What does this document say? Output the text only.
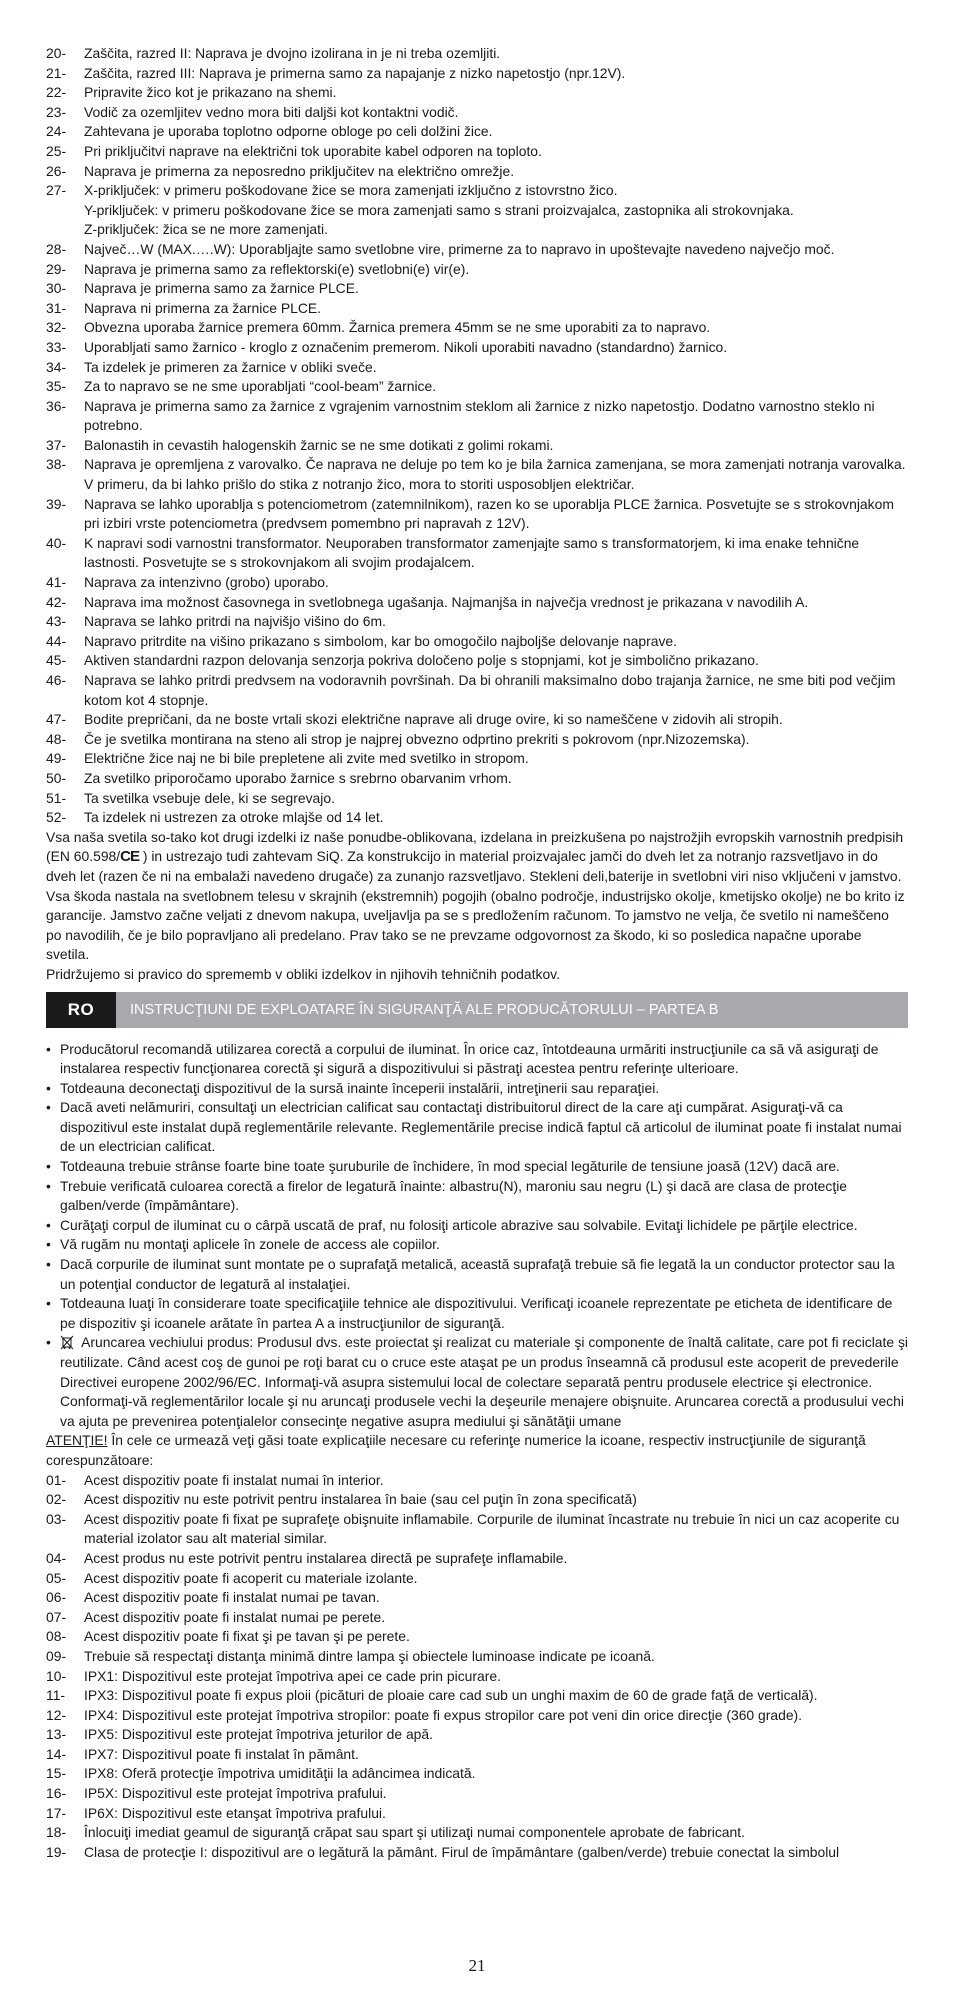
20-	Zaščita, razred II: Naprava je dvojno izolirana in je ni treba ozemljiti.
21-	Zaščita, razred III: Naprava je primerna samo za napajanje z nizko napetostjo (npr.12V).
22-	Pripravite žico kot je prikazano na shemi.
23-	Vodič za ozemljitev vedno mora biti daljši kot kontaktni vodič.
24-	Zahtevana je uporaba toplotno odporne obloge po celi dolžini žice.
25-	Pri priključitvi naprave na električni tok uporabite kabel odporen na toploto.
26-	Naprava je primerna za neposredno priključitev na električno omrežje.
27-	X-priključek: v primeru poškodovane žice se mora zamenjati izključno z istovrstno žico.
Y-priključek: v primeru poškodovane žice se mora zamenjati samo s strani proizvajalca, zastopnika ali strokovnjaka.
Z-priključek: žica se ne more zamenjati.
28-	Največ…W (MAX.….W): Uporabljajte samo svetlobne vire, primerne za to napravo in upoštevajte navedeno največjo moč.
29-	Naprava je primerna samo za reflektorski(e) svetlobni(e) vir(e).
30-	Naprava je primerna samo za žarnice PLCE.
31-	Naprava ni primerna za žarnice PLCE.
32-	Obvezna uporaba žarnice premera 60mm. Žarnica premera 45mm se ne sme uporabiti za to napravo.
33-	Uporabljati samo žarnico - kroglo z označenim premerom. Nikoli uporabiti navadno (standardno) žarnico.
34-	Ta izdelek je primeren za žarnice v obliki sveče.
35-	Za to napravo se ne sme uporabljati “cool-beam” žarnice.
36-	Naprava je primerna samo za žarnice z vgrajenim varnostnim steklom ali žarnice z nizko napetostjo. Dodatno varnostno steklo ni potrebno.
37-	Balonastih in cevastih halogenskih žarnic se ne sme dotikati z golimi rokami.
38-	Naprava je opremljena z varovalko. Če naprava ne deluje po tem ko je bila žarnica zamenjana, se mora zamenjati notranja varovalka. V primeru, da bi lahko prišlo do stika z notranjo žico, mora to storiti usposobljen električar.
39-	Naprava se lahko uporablja s potenciometrom (zatemnilnikom), razen ko se uporablja PLCE žarnica. Posvetujte se s strokovnjakom pri izbiri vrste potenciometra (predvsem pomembno pri napravah z 12V).
40-	K napravi sodi varnostni transformator. Neuporaben transformator zamenjajte samo s transformatorjem, ki ima enake tehnične lastnosti. Posvetujte se s strokovnjakom ali svojim prodajalcem.
41-	Naprava za intenzivno (grobo) uporabo.
42-	Naprava ima možnost časovnega in svetlobnega ugašanja. Najmanjša in največja vrednost je prikazana v navodilih A.
43-	Naprava se lahko pritrdi na najvišjo višino do 6m.
44-	Napravo pritrdite na višino prikazano s simbolom, kar bo omogočilo najboljše delovanje naprave.
45-	Aktiven standardni razpon delovanja senzorja pokriva določeno polje s stopnjami, kot je simbolično prikazano.
46-	Naprava se lahko pritrdi predvsem na vodoravnih površinah. Da bi ohranili maksimalno dobo trajanja žarnice, ne sme biti pod večjim kotom kot 4 stopnje.
47-	Bodite prepričani, da ne boste vrtali skozi električne naprave ali druge ovire, ki so nameščene v zidovih ali stropih.
48-	Če je svetilka montirana na steno ali strop je najprej obvezno odprtino prekriti s pokrovom (npr.Nizozemska).
49-	Električne žice naj ne bi bile prepletene ali zvite med svetilko in stropom.
50-	Za svetilko priporočamo uporabo žarnice s srebrno obarvanim vrhom.
51-	Ta svetilka vsebuje dele, ki se segrevajo.
52-	Ta izdelek ni ustrezen za otroke mlajše od 14 let.

Vsa naša svetila so-tako kot drugi izdelki iz naše ponudbe-oblikovana, izdelana in preizkušena po najstrožjih evropskih varnostnih predpisih (EN 60.598/CE ) in ustrezajo tudi zahtevam SiQ. Za konstrukcijo in material proizvajalec jamči do dveh let za notranjo razsvetljavo in do dveh let (razen če ni na embalaži navedeno drugače) za zunanjo razsvetljavo. Stekleni deli,baterije in svetlobni viri niso vključeni v jamstvo. Vsa škoda nastala na svetlobnem telesu v skrajnih (ekstremnih) pogojih (obalno področje, industrijsko okolje, kmetijsko okolje) ne bo krito iz garancije. Jamstvo začne veljati z dnevom nakupa, uveljavlja pa se s predložením računom. To jamstvo ne velja, če svetilo ni nameščeno po navodilih, če je bilo popravljano ali predelano. Prav tako se ne prevzame odgovornost za škodo, ki so posledica napačne uporabe svetila.

Pridržujemo si pravico do sprememb v obliki izdelkov in njihovih tehničnih podatkov.

RO	INSTRUCŢIUNI DE EXPLOATARE ÎN SIGURANŢĂ ALE PRODUCĂTORULUI – PARTEA B
• Producătorul recomandă utilizarea corectă a corpului de iluminat. În orice caz, întotdeauna urmăriti instrucţiunile ca să vă asiguraţi de instalarea respectiv funcţionarea corectă şi sigură a dispozitivului si păstraţi acestea pentru referinţe ulterioare.
• Totdeauna deconectaţi dispozitivul de la sursă inainte începerii instalării, intreţinerii sau reparaţiei.
• Dacă aveti nelămuriri, consultaţi un electrician calificat sau contactaţi distribuitorul direct de la care aţi cumpărat. Asiguraţi-vă ca dispozitivul este instalat după reglementările relevante. Reglementările precise indică faptul că articolul de iluminat poate fi instalat numai de un electrician calificat.
• Totdeauna trebuie strânse foarte bine toate şuruburile de închidere, în mod special legăturile de tensiune joasă (12V) dacă are.
• Trebuie verificată culoarea corectă a firelor de legatură înainte: albastru(N), maroniu sau negru (L) şi dacă are clasa de protecţie galben/verde (împământare).
• Curăţaţi corpul de iluminat cu o cârpă uscată de praf, nu folosiţi articole abrazive sau solvabile. Evitaţi lichidele pe părţile electrice.
• Vă rugăm nu montaţi aplicele în zonele de access ale copiilor.
• Dacă corpurile de iluminat sunt montate pe o suprafaţă metalică, această suprafaţă trebuie să fie legată la un conductor protector sau la un potenţial conductor de legatură al instalaţiei.
• Totdeauna luaţi în considerare toate specificaţiile tehnice ale dispozitivului. Verificaţi icoanele reprezentate pe eticheta de identificare de pe dispozitiv şi icoanele arătate în partea A a instrucţiunilor de siguranţă.
•	Aruncarea vechiului produs: Produsul dvs. este proiectat şi realizat cu materiale şi componente de înaltă calitate, care pot fi reciclate şi reutilizate. Când acest coş de gunoi pe roţi barat cu o cruce este ataşat pe un produs înseamnă că produsul este acoperit de prevederile Directivei europene 2002/96/EC. Informaţi-vă asupra sistemului local de colectare separată pentru produsele electrice şi electronice. Conformaţi-vă reglementărilor locale şi nu aruncaţi produsele vechi la deşeurile menajere obişnuite. Aruncarea corectă a produsului vechi va ajuta pe prevenirea potenţialelor consecinţe negative asupra mediului şi sănătăţii umane

ATENŢIE! În cele ce urmează veţi găsi toate explicaţiile necesare cu referinţe numerice la icoane, respectiv instrucţiunile de siguranţă corespunzătoare:

01-	Acest dispozitiv poate fi instalat numai în interior.
02-	Acest dispozitiv nu este potrivit pentru instalarea în baie (sau cel puţin în zona specificată)
03-	Acest dispozitiv poate fi fixat pe suprafeţe obişnuite inflamabile. Corpurile de iluminat încastrate nu trebuie în nici un caz acoperite cu material izolator sau alt material similar.
04-	Acest produs nu este potrivit pentru instalarea directă pe suprafeţe inflamabile.
05-	Acest dispozitiv poate fi acoperit cu materiale izolante.
06-	Acest dispozitiv poate fi instalat numai pe tavan.
07-	Acest dispozitiv poate fi instalat numai pe perete.
08-	Acest dispozitiv poate fi fixat şi pe tavan şi pe perete.
09-	Trebuie să respectaţi distanţa minimă dintre lampa şi obiectele luminoase indicate pe icoană.
10-	IPX1: Dispozitivul este protejat împotriva apei ce cade prin picurare.
11-	IPX3: Dispozitivul poate fi expus ploii (picături de ploaie care cad sub un unghi maxim de 60 de grade faţă de verticală).
12-	IPX4: Dispozitivul este protejat împotriva stropilor: poate fi expus stropilor care pot veni din orice direcţie (360 grade).
13-	IPX5: Dispozitivul este protejat împotriva jeturilor de apă.
14-	IPX7: Dispozitivul poate fi instalat în pământ.
15-	IPX8: Oferă protecţie împotriva umidităţii la adâncimea indicată.
16-	IP5X: Dispozitivul este protejat împotriva prafului.
17-	IP6X: Dispozitivul este etanşat împotriva prafului.
18-	Înlocuiţi imediat geamul de siguranţă crăpat sau spart şi utilizaţi numai componentele aprobate de fabricant.
19-	Clasa de protecţie I: dispozitivul are o legătură la pământ. Firul de împământare (galben/verde) trebuie conectat la simbolul
21
